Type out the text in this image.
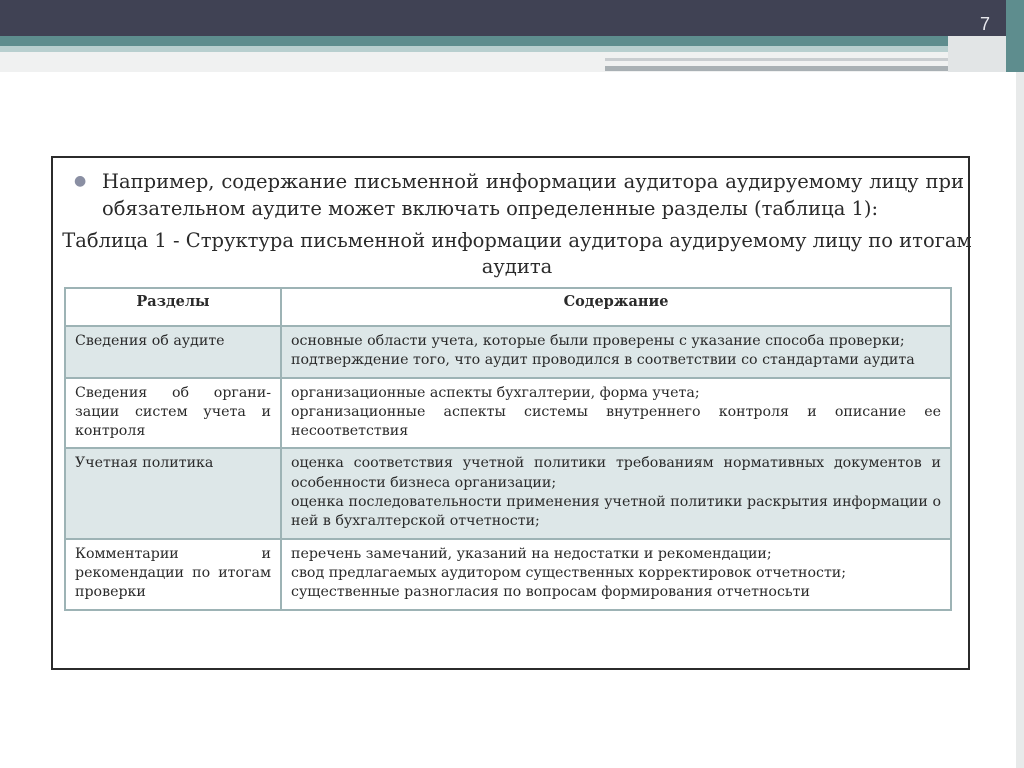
7
● Например, содержание письменной информации аудитора аудируемому лицу при обязательном аудите может включать определенные разделы (таблица 1):
Таблица 1 - Структура письменной информации аудитора аудируемому лицу по итогам аудита
Разделы	Содержание
Сведения об аудите	основные области учета, которые были проверены с указание способа проверки;
подтверждение того, что аудит проводился в соответствии со стандартами аудита

Сведения об органи-зации систем учета и контроля	организационные аспекты бухгалтерии, форма учета;
организационные аспекты системы внутреннего контроля и описание ее несоответствия

Учетная политика	оценка соответствия учетной политики требованиям нормативных документов и особенности бизнеса организации;
оценка последовательности применения учетной политики раскрытия информации о ней в бухгалтерской отчетности;

Комментарии и рекомендации по итогам проверки	перечень замечаний, указаний на недостатки и рекомендации;
свод предлагаемых аудитором существенных корректировок отчетности;
существенные разногласия по вопросам формирования отчетносьти
